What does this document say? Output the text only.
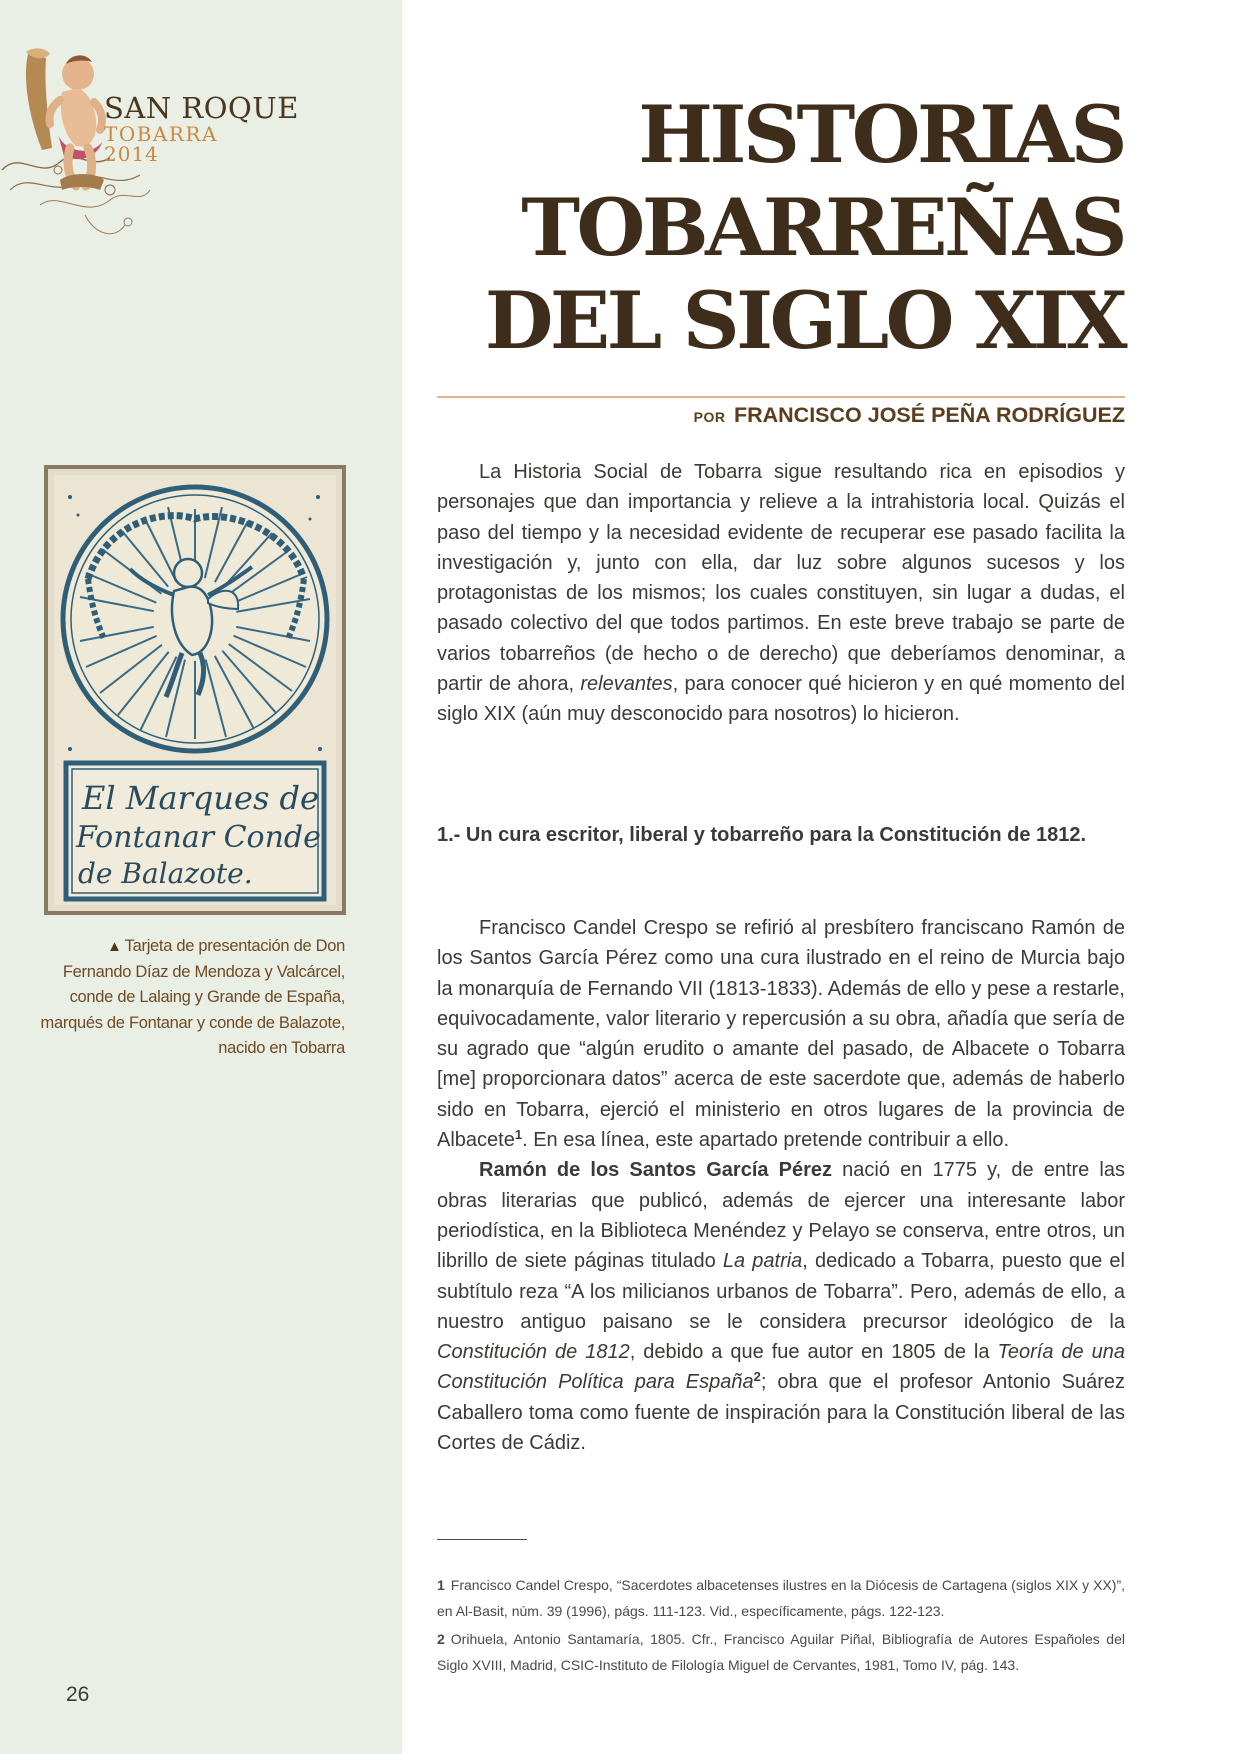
SAN ROQUE
TOBARRA
2014
El Marques de
Fontanar Conde
de Balazote.
▲ Tarjeta de presentación de Don Fernando Díaz de Mendoza y Valcárcel, conde de Lalaing y Grande de España, marqués de Fontanar y conde de Balazote, nacido en Tobarra
26
HISTORIAS
TOBARREÑAS
DEL SIGLO XIX
POR FRANCISCO JOSÉ PEÑA RODRÍGUEZ

La Historia Social de Tobarra sigue resultando rica en episodios y personajes que dan importancia y relieve a la intrahistoria local. Quizás el paso del tiempo y la necesidad evidente de recuperar ese pasado facilita la investigación y, junto con ella, dar luz sobre algunos sucesos y los protagonistas de los mismos; los cuales constituyen, sin lugar a dudas, el pasado colectivo del que todos partimos. En este breve trabajo se parte de varios tobarreños (de hecho o de derecho) que deberíamos denominar, a partir de ahora, relevantes, para conocer qué hicieron y en qué momento del siglo XIX (aún muy desconocido para nosotros) lo hicieron.

1.- Un cura escritor, liberal y tobarreño para la Constitución de 1812.

Francisco Candel Crespo se refirió al presbítero franciscano Ramón de los Santos García Pérez como una cura ilustrado en el reino de Murcia bajo la monarquía de Fernando VII (1813-1833). Además de ello y pese a restarle, equivocadamente, valor literario y repercusión a su obra, añadía que sería de su agrado que “algún erudito o amante del pasado, de Albacete o Tobarra [me] proporcionara datos” acerca de este sacerdote que, además de haberlo sido en Tobarra, ejerció el ministerio en otros lugares de la provincia de Albacete$^1$. En esa línea, este apartado pretende contribuir a ello.

Ramón de los Santos García Pérez nació en 1775 y, de entre las obras literarias que publicó, además de ejercer una interesante labor periodística, en la Biblioteca Menéndez y Pelayo se conserva, entre otros, un librillo de siete páginas titulado La patria, dedicado a Tobarra, puesto que el subtítulo reza “A los milicianos urbanos de Tobarra”. Pero, además de ello, a nuestro antiguo paisano se le considera precursor ideológico de la Constitución de 1812, debido a que fue autor en 1805 de la Teoría de una Constitución Política para España$^2$; obra que el profesor Antonio Suárez Caballero toma como fuente de inspiración para la Constitución liberal de las Cortes de Cádiz.

1 Francisco Candel Crespo, “Sacerdotes albacetenses ilustres en la Diócesis de Cartagena (siglos XIX y XX)”, en Al-Basit, núm. 39 (1996), págs. 111-123. Vid., específicamente, págs. 122-123.

2 Orihuela, Antonio Santamaría, 1805. Cfr., Francisco Aguilar Piñal, Bibliografía de Autores Españoles del Siglo XVIII, Madrid, CSIC-Instituto de Filología Miguel de Cervantes, 1981, Tomo IV, pág. 143.
